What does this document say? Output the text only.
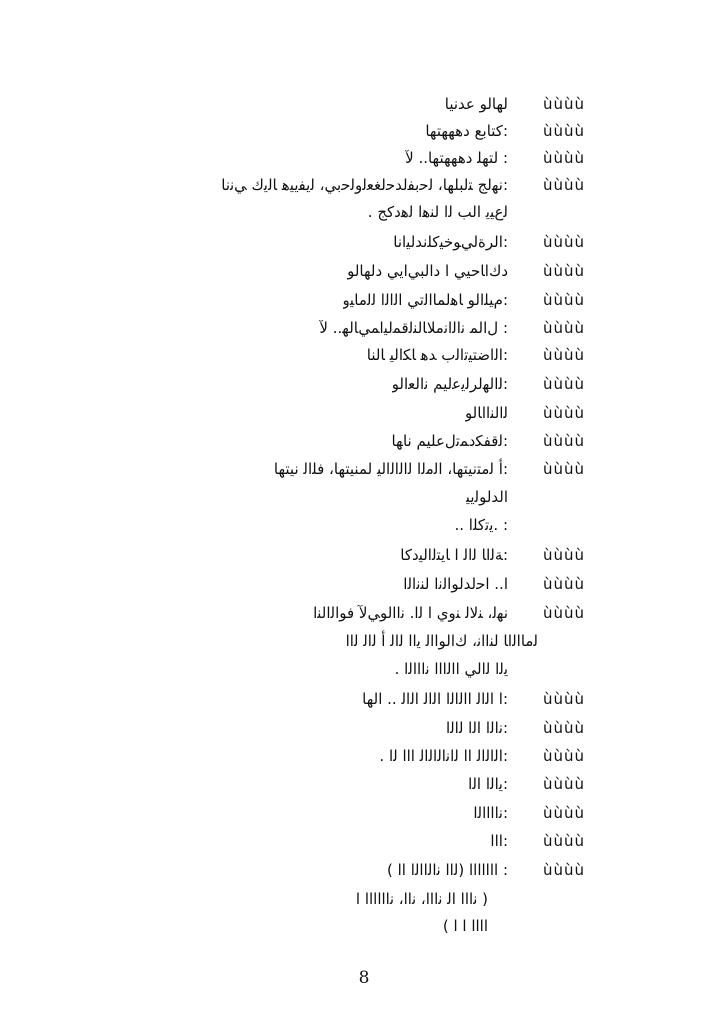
ﻟﻬﺎﻟﻮ ﻋﺪﻧﻴﺎ ùùùù
ﻛﺘﺎﺑﻊ ﺩﻫﻬﻬﺘﻬﺎ: ùùùù
ﻟﺘﻬﻠ ﺩﻫﻬﻬﺘﻬﺎ.. ﻵ : ùùùù
ﻧﻬﻟﺞ ﺘﻟﺒﻠﻬﺎ، ﻟﺣﺑﻔﻟﺪﺣﻟﻐﻌﻟﻭﻟﺣﺑﻲ، ﻟﻳﻔﻳﻴﻫ ﺎﻟﻳﻙ ﻲﻧﻧﺎ: ùùùù
. ﻟﻉﻴﻳ ﺍﻟﺐ ﻟﺍ ﻟﻨﻫﺍ ﻟﻫﺩﻛﺞ
ﺍﻟﺮﺓﻟﻲﻮﺧﻴﻛﻠﻧﺪﻟﻴﺍﻧﺎ: ùùùù
ﺩﻙﺍﺎﺣﻴﻲ ﺍ ﺩﺍﻟﺒﻲﺍﻳﻲ ﺩﻟﻬﺎﻟﻮ ùùùù
ﻡﻴﻠﺍﻟﻮ ﺎﻫﻟﻤﺎﺍﻟﺗﻲ ﺍﻟﺍﻟﺍ ﻟﻟﻣﺎﻴﻭ: ùùùù
ﻝﺍﻟﻤ ﻧﺍﻟﺍﻧﻣﻼﺎﻟﻨﻟﻗﻤﻟﻴﺍﻤﻲﺎﻟﻬ.. ﻵ : ùùùù
ﺍﻟﺍﺿﺘﻴﺗﺍﻟﺏ ﺪﻫ ﺎﻜﺍﻟﻴ ﺎﻟﻨﺎ: ùùùù
ﻟﺍﻟﻬﻟﺮﻟﻳﻋﻟﻴﻢ ﻧﺍﻟﻌﺍﻟﻮ: ùùùù
ﻟﺍﻟﻨﺍﺍﺎﻟﻮ ùùùù
ﻟﻗﻔﻜﺩﻤﺗﻝﻋﻠﻴﻢ ﻧﺎﻬﺎ: ùùùù
ﺃ ﻟﻣﺘﻧﻴﺘﻬﺎ، ﺍﻟﻣﻟﺍ ﻟﺍﻟﺍﻟﺍﻟﻴ ﻟﻤﻨﻴﺘﻬﺎ، ﻓﻠﺍﻟ ﻧﻴﺘﻬﺎ: ùùùù
ﺍﻟﺪﻟﻮﻟﻳﻴ
.. ﻳﺗﻛﻠﺍ. :
ﺔﻟﺍﺎ ﻟﺍﻟ ﺍ ﺎﻳﺘﻟﺍﻟﻴﺩﻛﺎ: ùùùù
ﺍ.. ﺍﺣﻟﺪﻟﻮﺍﻟﻧﺍ ﻟﻨﻧﺍﻟﺍ ùùùù
ﻧﻬﻟ، ﻨﻟﺎﻟ ﻨﻭﻱ ﺍ ﻟﺍ. ﻧﺍﺍﻟﻮﻲﻵ ﻓﻮﺍﻟﺍﻟﻨﺍ ùùùù
ﻟﻣﺎﺍﻟﺍﺎ ﻟﻨﺍﺍﻧ، ﻙﺍﻟﻮﺍﺍﻟ ﻳﺍﺍ ﻟﺍﻟ ﺃ ﻟﺍﻟ ﻟﺍﺍ
. ﻳﻟﺍ ﻟﺍﻟﻲ ﺍﺍﻟﺍﺍﺍ ﻧﺍﺍﺍﻟﺍ
ﺍ ﺍﻟﺍﻟ ﺍﺍﻟﺍﻟﺍ ﺍﻟﺍﻟ ﺍﻟﺍﻟ .. ﺍﻟﻬﺎ: ùùùù
ﻧﺍﻟﺍ ﺍﻟﺍ ﻟﺍﻟﺍ: ùùùù
. ﺍﻟﺍﻟﺍﻟ ﺍﺍ ﻟﺍﻧﺍﻟﺍﻟﺍﻟ ﺍﺍﺍ ﻟﺍ: ùùùù
ﻳﺍﻟﺍ ﺍﻟﺍ: ùùùù
ﻧﺍﺍﺍﺍﻟﺍ: ùùùù
ﺍﺍﺍ: ùùùù
( ﻟﺍﺍ ﻧﺍﻟﺍﺍﻟﺍ ﺍﺍ) ﺍﺍﺍﺍﺍﺍﺍ : ùùùù
ﻧﺍﺍﺍ ﺍﻟ ﻧﺍﺍﺍ، ﻧﺍﺍ، ﻧﺍﺍﺍﺍﺍﺍ ﺍ )
( ﺍﺍﺍﺍ ﺍ ﺍ
8
